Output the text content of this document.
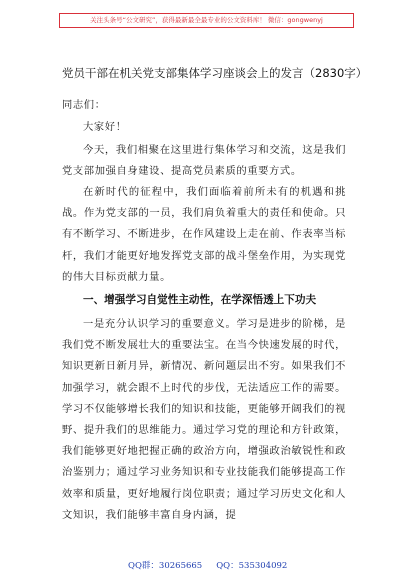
关注头条号“公文研究”，获得最新最全最专业的公文资料库！ 微信：gongwenyj
党员干部在机关党支部集体学习座谈会上的发言（2830字）

同志们：

大家好！

今天，我们相聚在这里进行集体学习和交流，这是我们党支部加强自身建设、提高党员素质的重要方式。

在新时代的征程中，我们面临着前所未有的机遇和挑战。作为党支部的一员，我们肩负着重大的责任和使命。只有不断学习、不断进步，在作风建设上走在前、作表率当标杆，我们才能更好地发挥党支部的战斗堡垒作用，为实现党的伟大目标贡献力量。

一、增强学习自觉性主动性，在学深悟透上下功夫

一是充分认识学习的重要意义。学习是进步的阶梯，是我们党不断发展壮大的重要法宝。在当今快速发展的时代，知识更新日新月异，新情况、新问题层出不穷。如果我们不加强学习，就会跟不上时代的步伐，无法适应工作的需要。学习不仅能够增长我们的知识和技能，更能够开阔我们的视野、提升我们的思维能力。通过学习党的理论和方针政策，我们能够更好地把握正确的政治方向，增强政治敏锐性和政治鉴别力；通过学习业务知识和专业技能我们能够提高工作效率和质量，更好地履行岗位职责；通过学习历史文化和人文知识，我们能够丰富自身内涵，提

QQ群：30265665 QQ：535304092
